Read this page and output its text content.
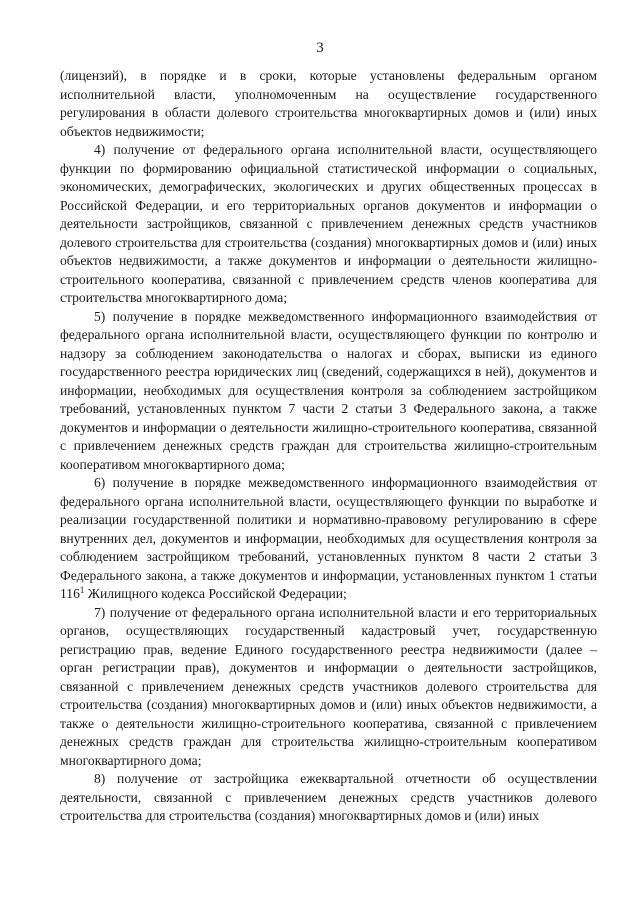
3

(лицензий), в порядке и в сроки, которые установлены федеральным органом исполнительной власти, уполномоченным на осуществление государственного регулирования в области долевого строительства многоквартирных домов и (или) иных объектов недвижимости;

4) получение от федерального органа исполнительной власти, осуществляющего функции по формированию официальной статистической информации о социальных, экономических, демографических, экологических и других общественных процессах в Российской Федерации, и его территориальных органов документов и информации о деятельности застройщиков, связанной с привлечением денежных средств участников долевого строительства для строительства (создания) многоквартирных домов и (или) иных объектов недвижимости, а также документов и информации о деятельности жилищно-строительного кооператива, связанной с привлечением средств членов кооператива для строительства многоквартирного дома;

5) получение в порядке межведомственного информационного взаимодействия от федерального органа исполнительной власти, осуществляющего функции по контролю и надзору за соблюдением законодательства о налогах и сборах, выписки из единого государственного реестра юридических лиц (сведений, содержащихся в ней), документов и информации, необходимых для осуществления контроля за соблюдением застройщиком требований, установленных пунктом 7 части 2 статьи 3 Федерального закона, а также документов и информации о деятельности жилищно-строительного кооператива, связанной с привлечением денежных средств граждан для строительства жилищно-строительным кооперативом многоквартирного дома;

6) получение в порядке межведомственного информационного взаимодействия от федерального органа исполнительной власти, осуществляющего функции по выработке и реализации государственной политики и нормативно-правовому регулированию в сфере внутренних дел, документов и информации, необходимых для осуществления контроля за соблюдением застройщиком требований, установленных пунктом 8 части 2 статьи 3 Федерального закона, а также документов и информации, установленных пунктом 1 статьи $116^1$ Жилищного кодекса Российской Федерации;

7) получение от федерального органа исполнительной власти и его территориальных органов, осуществляющих государственный кадастровый учет, государственную регистрацию прав, ведение Единого государственного реестра недвижимости (далее – орган регистрации прав), документов и информации о деятельности застройщиков, связанной с привлечением денежных средств участников долевого строительства для строительства (создания) многоквартирных домов и (или) иных объектов недвижимости, а также о деятельности жилищно-строительного кооператива, связанной с привлечением денежных средств граждан для строительства жилищно-строительным кооперативом многоквартирного дома;

8) получение от застройщика ежеквартальной отчетности об осуществлении деятельности, связанной с привлечением денежных средств участников долевого строительства для строительства (создания) многоквартирных домов и (или) иных
